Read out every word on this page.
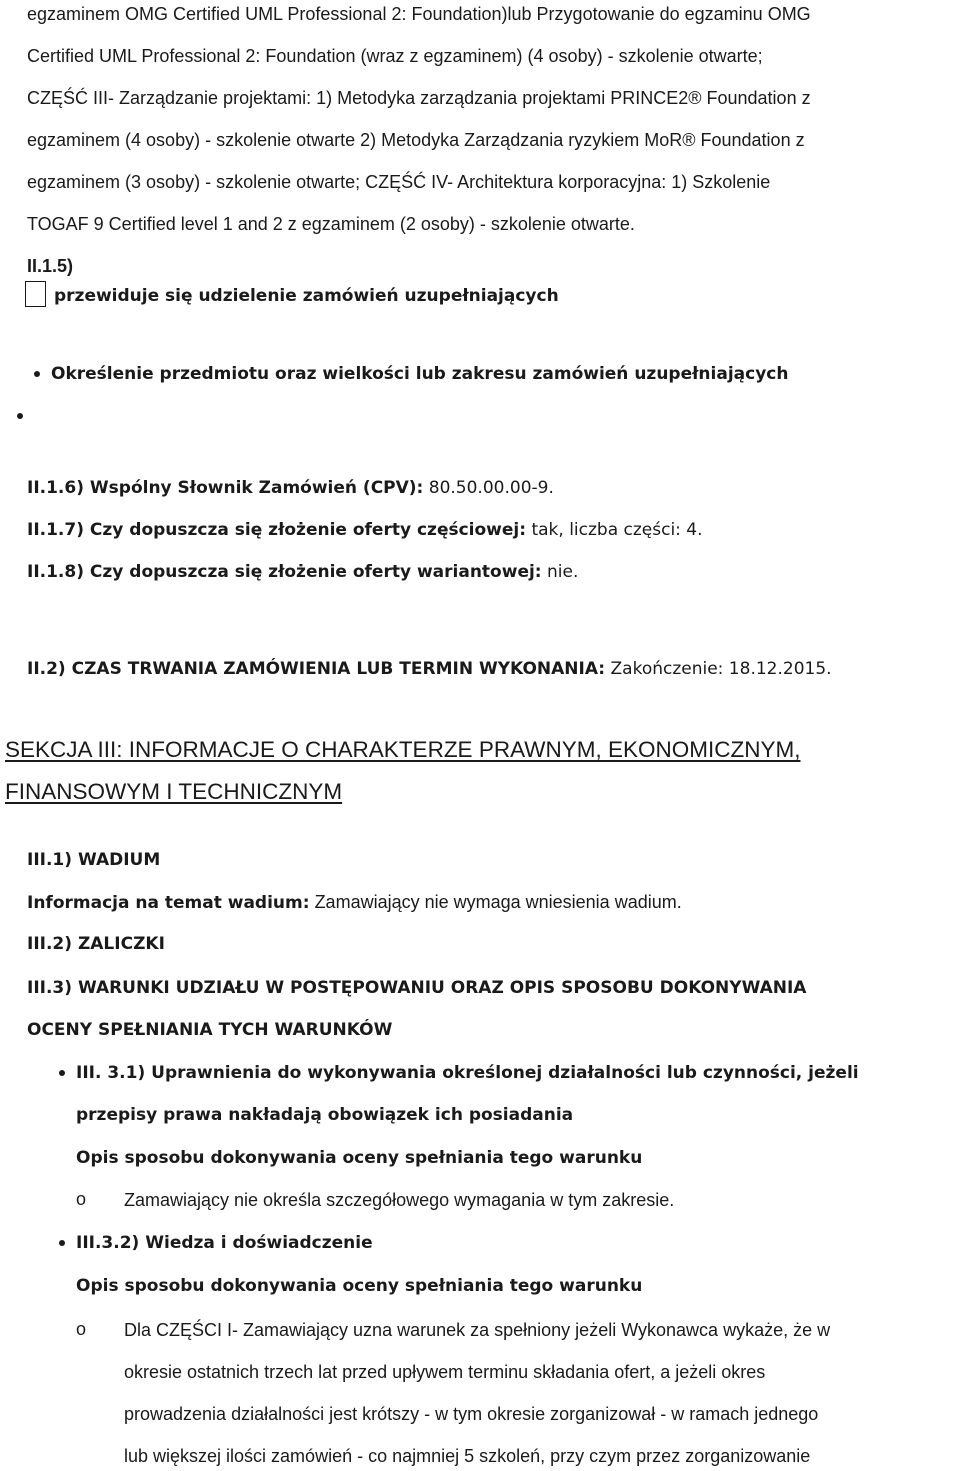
egzaminem OMG Certified UML Professional 2: Foundation)lub Przygotowanie do egzaminu OMG
Certified UML Professional 2: Foundation (wraz z egzaminem) (4 osoby) - szkolenie otwarte;
CZĘŚĆ III- Zarządzanie projektami: 1) Metodyka zarządzania projektami PRINCE2® Foundation z
egzaminem (4 osoby) - szkolenie otwarte 2) Metodyka Zarządzania ryzykiem MoR® Foundation z
egzaminem (3 osoby) - szkolenie otwarte; CZĘŚĆ IV- Architektura korporacyjna: 1) Szkolenie
TOGAF 9 Certified level 1 and 2 z egzaminem (2 osoby) - szkolenie otwarte.
II.1.5)
przewiduje się udzielenie zamówień uzupełniających
Określenie przedmiotu oraz wielkości lub zakresu zamówień uzupełniających
II.1.6) Wspólny Słownik Zamówień (CPV): 80.50.00.00-9.
II.1.7) Czy dopuszcza się złożenie oferty częściowej: tak, liczba części: 4.
II.1.8) Czy dopuszcza się złożenie oferty wariantowej: nie.
II.2) CZAS TRWANIA ZAMÓWIENIA LUB TERMIN WYKONANIA: Zakończenie: 18.12.2015.
SEKCJA III: INFORMACJE O CHARAKTERZE PRAWNYM, EKONOMICZNYM,
FINANSOWYM I TECHNICZNYM
III.1) WADIUM
Informacja na temat wadium: Zamawiający nie wymaga wniesienia wadium.
III.2) ZALICZKI
III.3) WARUNKI UDZIAŁU W POSTĘPOWANIU ORAZ OPIS SPOSOBU DOKONYWANIA
OCENY SPEŁNIANIA TYCH WARUNKÓW
III. 3.1) Uprawnienia do wykonywania określonej działalności lub czynności, jeżeli
przepisy prawa nakładają obowiązek ich posiadania
Opis sposobu dokonywania oceny spełniania tego warunku
o Zamawiający nie określa szczegółowego wymagania w tym zakresie.
III.3.2) Wiedza i doświadczenie
Opis sposobu dokonywania oceny spełniania tego warunku
o Dla CZĘŚCI I- Zamawiający uzna warunek za spełniony jeżeli Wykonawca wykaże, że w
okresie ostatnich trzech lat przed upływem terminu składania ofert, a jeżeli okres
prowadzenia działalności jest krótszy - w tym okresie zorganizował - w ramach jednego
lub większej ilości zamówień - co najmniej 5 szkoleń, przy czym przez zorganizowanie
